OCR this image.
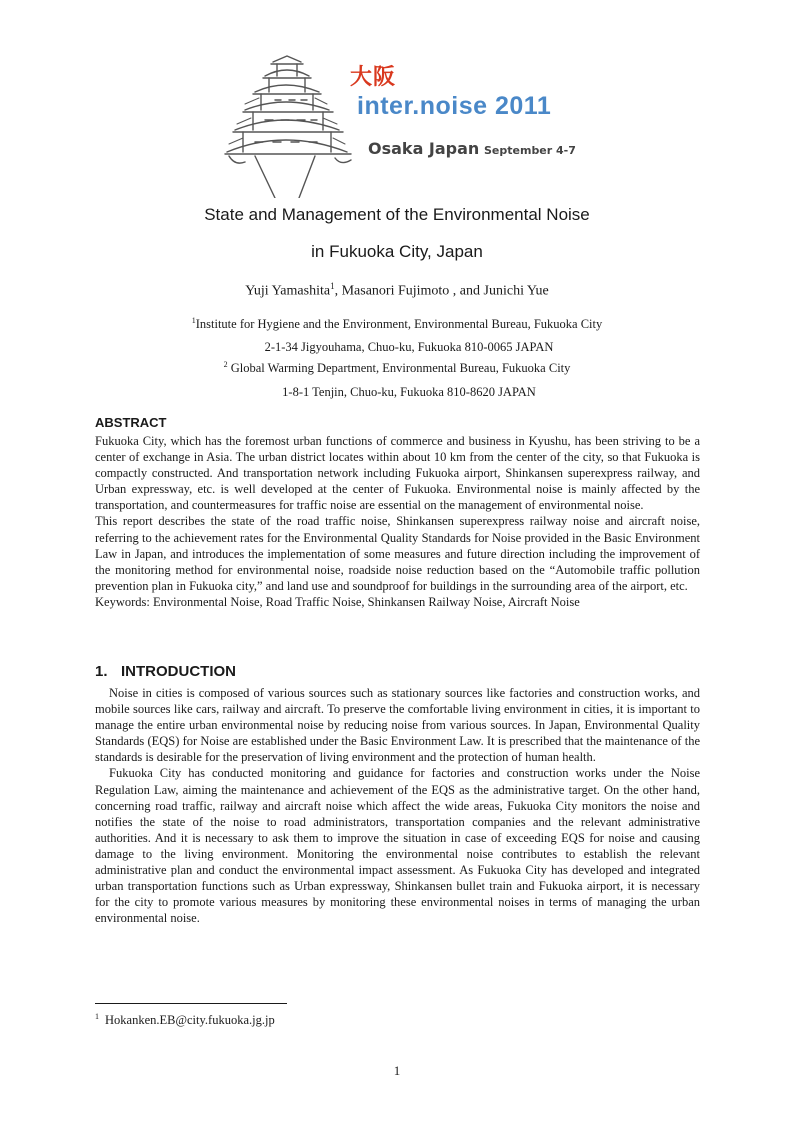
大阪
inter.noise 2011
Osaka Japan September 4-7
State and Management of the Environmental Noise
in Fukuoka City, Japan
Yuji Yamashita$^1$, Masanori Fujimoto , and Junichi Yue
$^1$Institute for Hygiene and the Environment, Environmental Bureau, Fukuoka City
2-1-34 Jigyouhama, Chuo-ku, Fukuoka 810-0065 JAPAN
$^2$ Global Warming Department, Environmental Bureau, Fukuoka City
1-8-1 Tenjin, Chuo-ku, Fukuoka 810-8620 JAPAN
ABSTRACT

Fukuoka City, which has the foremost urban functions of commerce and business in Kyushu, has been striving to be a center of exchange in Asia. The urban district locates within about 10 km from the center of the city, so that Fukuoka is compactly constructed. And transportation network including Fukuoka airport, Shinkansen superexpress railway, and Urban expressway, etc. is well developed at the center of Fukuoka. Environmental noise is mainly affected by the transportation, and countermeasures for traffic noise are essential on the management of environmental noise.

This report describes the state of the road traffic noise, Shinkansen superexpress railway noise and aircraft noise, referring to the achievement rates for the Environmental Quality Standards for Noise provided in the Basic Environment Law in Japan, and introduces the implementation of some measures and future direction including the improvement of the monitoring method for environmental noise, roadside noise reduction based on the “Automobile traffic pollution prevention plan in Fukuoka city,” and land use and soundproof for buildings in the surrounding area of the airport, etc.

Keywords: Environmental Noise, Road Traffic Noise, Shinkansen Railway Noise, Aircraft Noise

1. INTRODUCTION

Noise in cities is composed of various sources such as stationary sources like factories and construction works, and mobile sources like cars, railway and aircraft. To preserve the comfortable living environment in cities, it is important to manage the entire urban environmental noise by reducing noise from various sources. In Japan, Environmental Quality Standards (EQS) for Noise are established under the Basic Environment Law. It is prescribed that the maintenance of the standards is desirable for the preservation of living environment and the protection of human health.

Fukuoka City has conducted monitoring and guidance for factories and construction works under the Noise Regulation Law, aiming the maintenance and achievement of the EQS as the administrative target. On the other hand, concerning road traffic, railway and aircraft noise which affect the wide areas, Fukuoka City monitors the noise and notifies the state of the noise to road administrators, transportation companies and the relevant administrative authorities. And it is necessary to ask them to improve the situation in case of exceeding EQS for noise and causing damage to the living environment. Monitoring the environmental noise contributes to establish the relevant administrative plan and conduct the environmental impact assessment. As Fukuoka City has developed and integrated urban transportation functions such as Urban expressway, Shinkansen bullet train and Fukuoka airport, it is necessary for the city to promote various measures by monitoring these environmental noises in terms of managing the urban environmental noise.

$^1$ Hokanken.EB@city.fukuoka.jg.jp
1
